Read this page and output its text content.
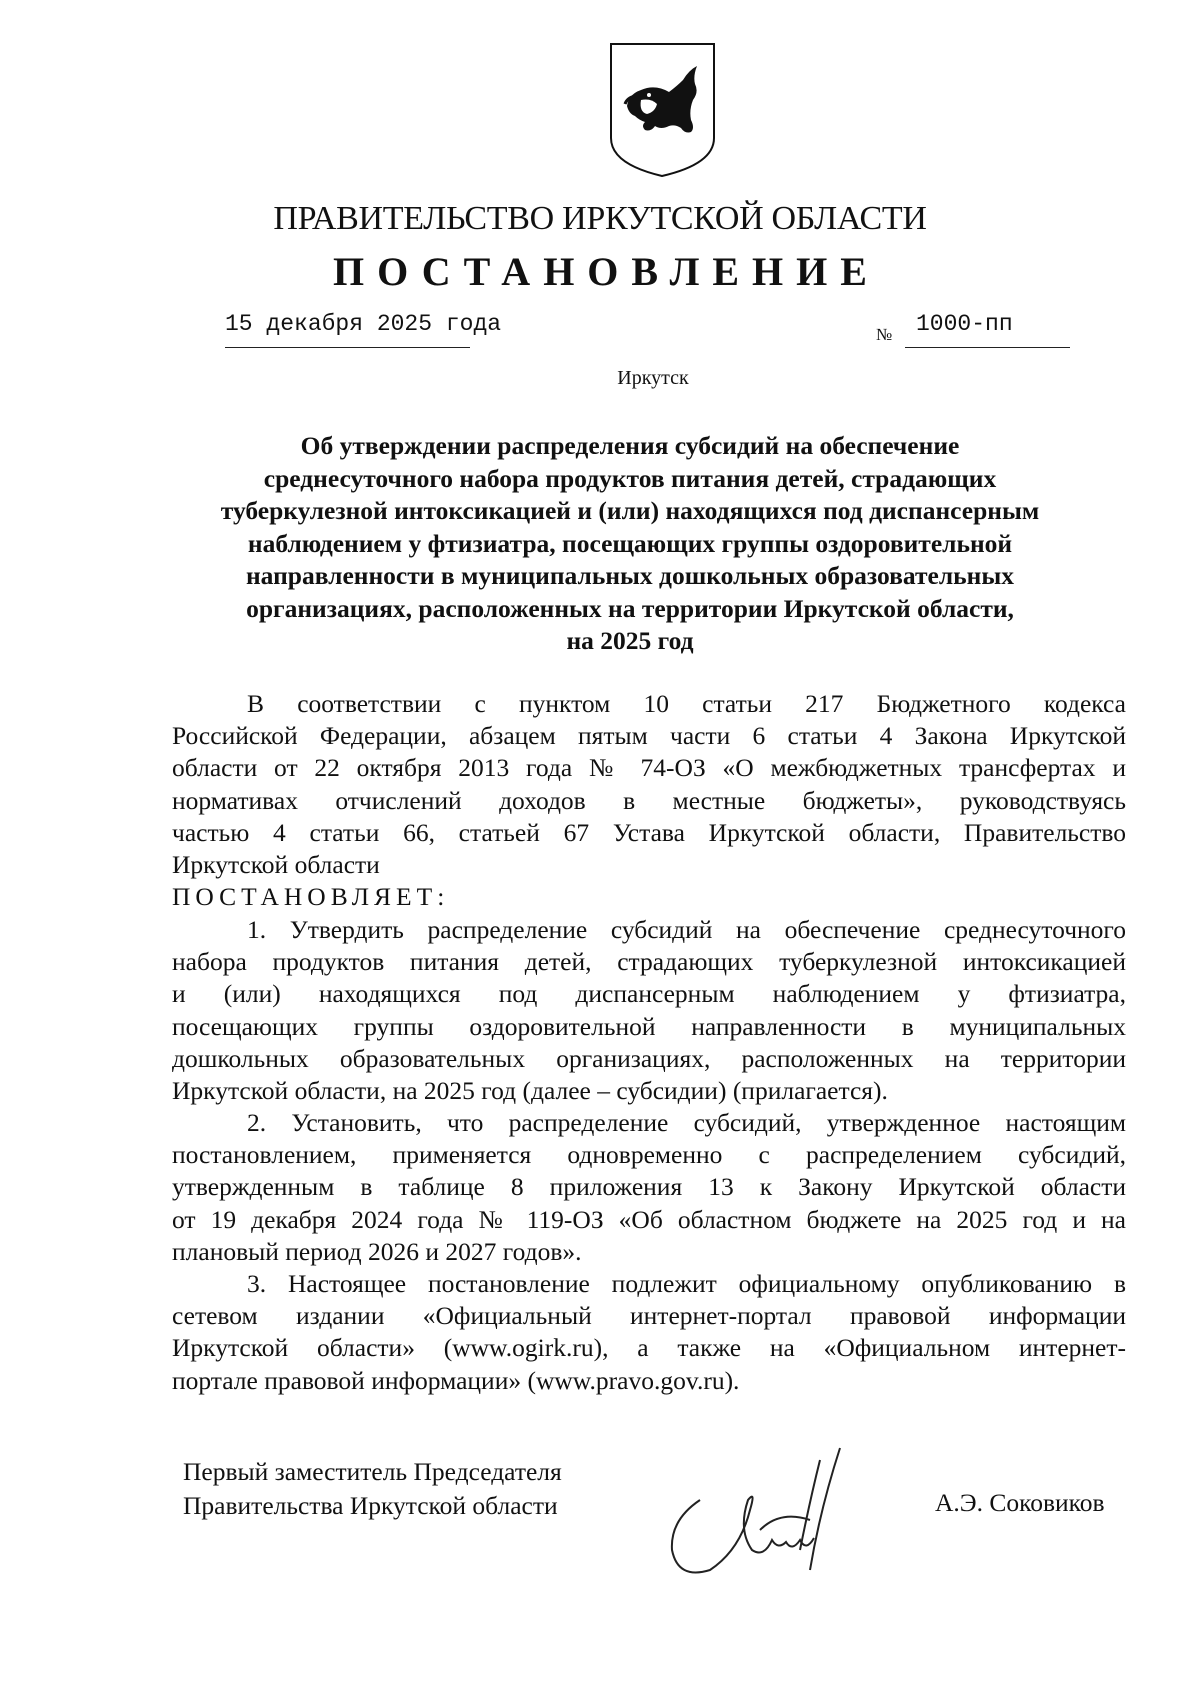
ПРАВИТЕЛЬСТВО ИРКУТСКОЙ ОБЛАСТИ
ПОСТАНОВЛЕНИЕ
15 декабря 2025 года	№ 1000-пп
Иркутск
Об утверждении распределения субсидий на обеспечение
среднесуточного набора продуктов питания детей, страдающих
туберкулезной интоксикацией и (или) находящихся под диспансерным
наблюдением у фтизиатра, посещающих группы оздоровительной
направленности в муниципальных дошкольных образовательных
организациях, расположенных на территории Иркутской области,
на 2025 год
В соответствии с пунктом 10 статьи 217 Бюджетного кодекса
Российской Федерации, абзацем пятым части 6 статьи 4 Закона Иркутской
области от 22 октября 2013 года № 74-ОЗ «О межбюджетных трансфертах и
нормативах отчислений доходов в местные бюджеты», руководствуясь
частью 4 статьи 66, статьей 67 Устава Иркутской области, Правительство
Иркутской области
ПОСТАНОВЛЯЕТ:
1. Утвердить распределение субсидий на обеспечение среднесуточного
набора продуктов питания детей, страдающих туберкулезной интоксикацией
и (или) находящихся под диспансерным наблюдением у фтизиатра,
посещающих группы оздоровительной направленности в муниципальных
дошкольных образовательных организациях, расположенных на территории
Иркутской области, на 2025 год (далее – субсидии) (прилагается).
2. Установить, что распределение субсидий, утвержденное настоящим
постановлением, применяется одновременно с распределением субсидий,
утвержденным в таблице 8 приложения 13 к Закону Иркутской области
от 19 декабря 2024 года № 119-ОЗ «Об областном бюджете на 2025 год и на
плановый период 2026 и 2027 годов».
3. Настоящее постановление подлежит официальному опубликованию в
сетевом издании «Официальный интернет-портал правовой информации
Иркутской области» (www.ogirk.ru), а также на «Официальном интернет-
портале правовой информации» (www.pravo.gov.ru).
Первый заместитель Председателя
Правительства Иркутской области	А.Э. Соковиков
